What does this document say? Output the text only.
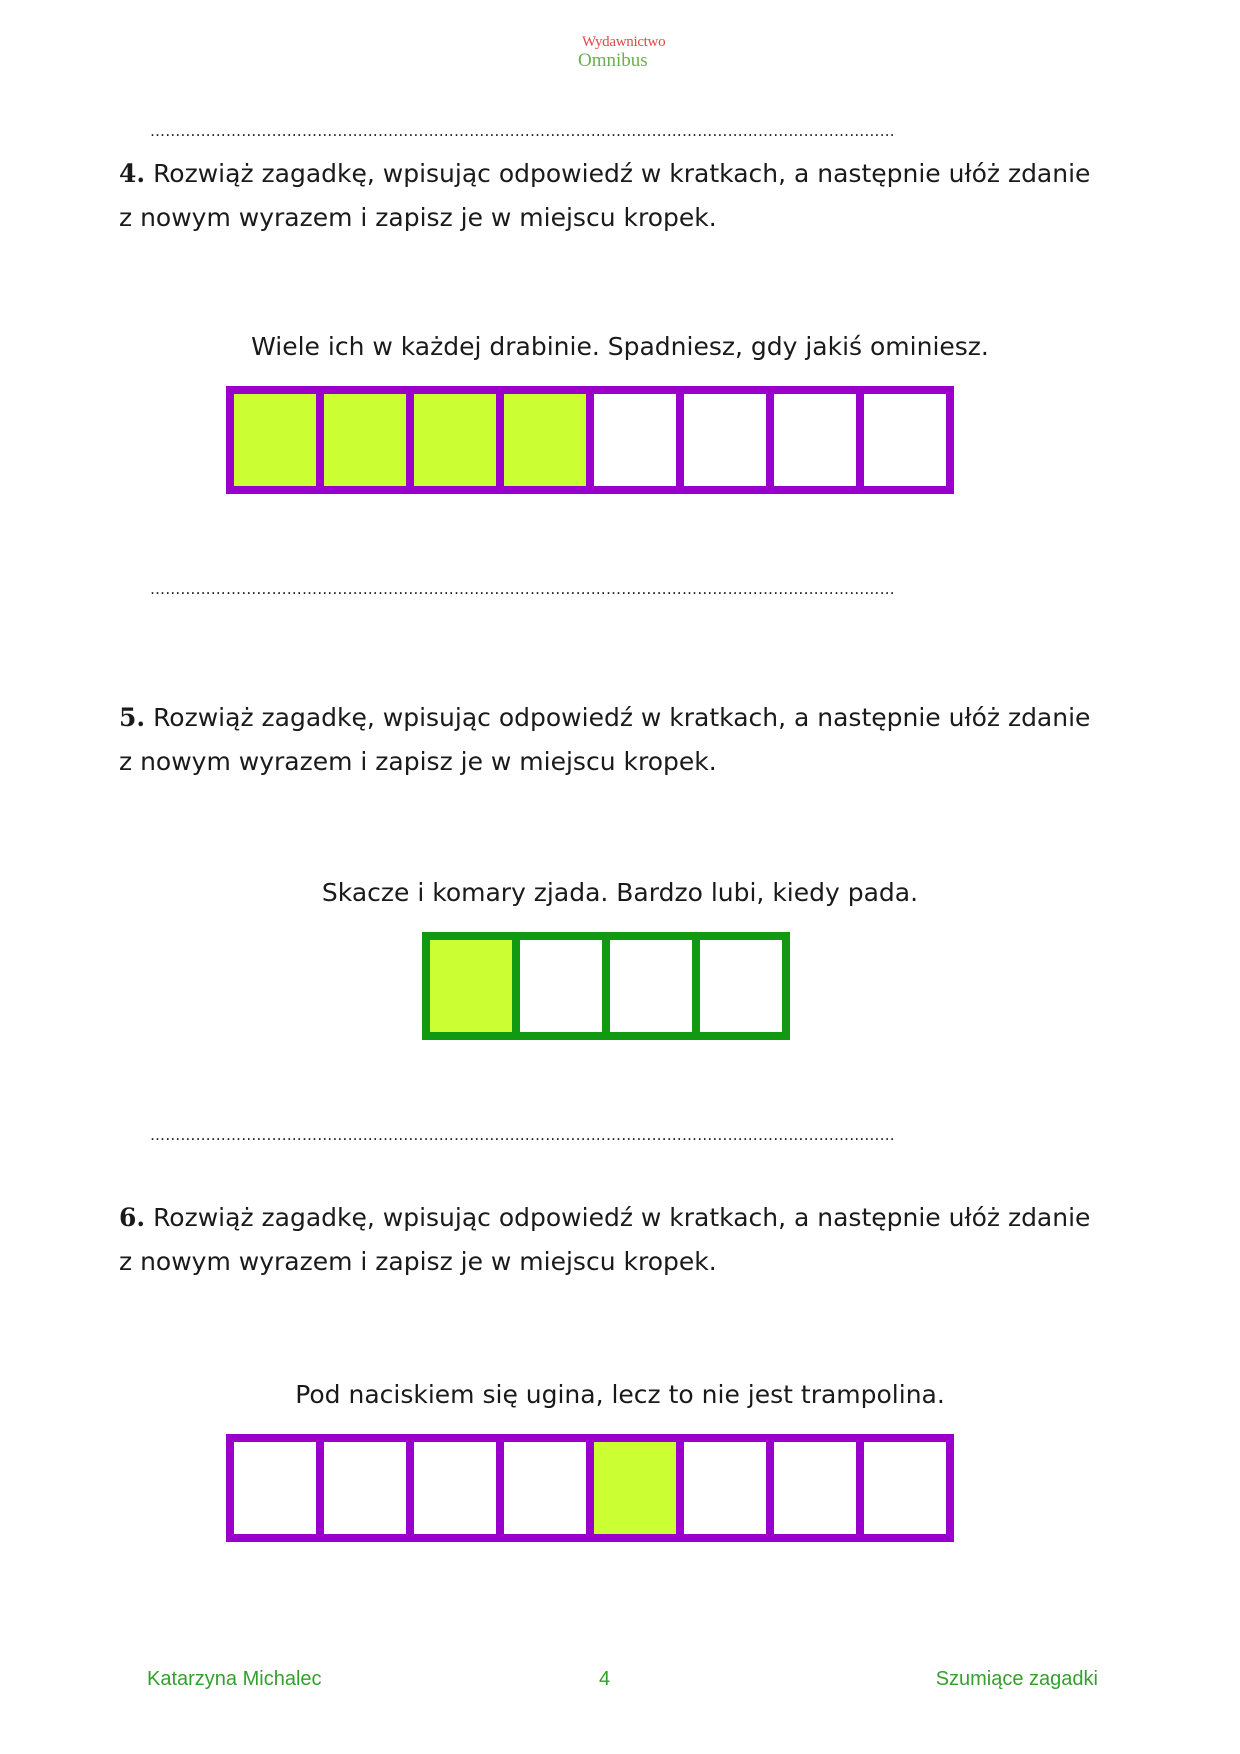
Wydawnictwo
Omnibus
…………………………………………………………………………………………………………………………………
4. Rozwiąż zagadkę, wpisując odpowiedź w kratkach, a następnie ułóż zdanie
z nowym wyrazem i zapisz je w miejscu kropek.
Wiele ich w każdej drabinie. Spadniesz, gdy jakiś ominiesz.
…………………………………………………………………………………………………………………………………
5. Rozwiąż zagadkę, wpisując odpowiedź w kratkach, a następnie ułóż zdanie
z nowym wyrazem i zapisz je w miejscu kropek.
Skacze i komary zjada. Bardzo lubi, kiedy pada.
…………………………………………………………………………………………………………………………………
6. Rozwiąż zagadkę, wpisując odpowiedź w kratkach, a następnie ułóż zdanie
z nowym wyrazem i zapisz je w miejscu kropek.
Pod naciskiem się ugina, lecz to nie jest trampolina.
Katarzyna Michalec	4	Szumiące zagadki
